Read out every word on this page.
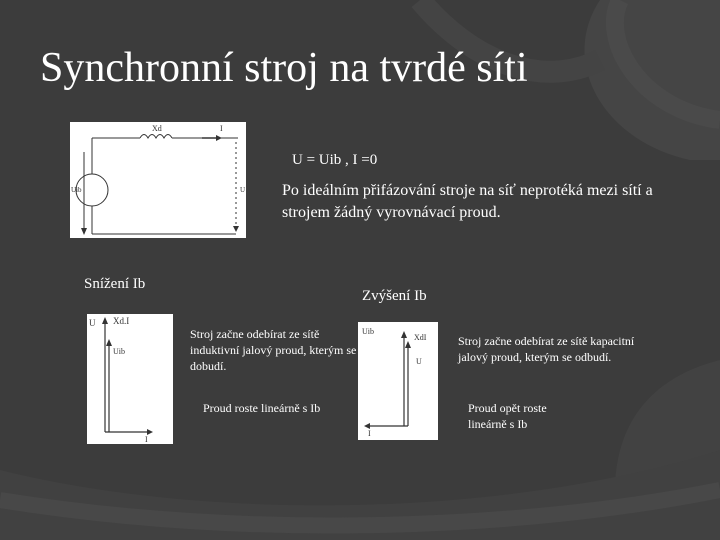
Synchronní stroj na tvrdé síti
Xd	I
Uib	U
U = Uib , I =0
Po ideálním přifázování stroje na síť neprotéká mezi sítí a strojem žádný vyrovnávací proud.
Snížení Ib
U Xd.I
Uib
I
Stroj začne odebírat ze sítě induktivní jalový proud, kterým se dobudí.
Proud roste lineárně s Ib
Zvýšení Ib
Uib
XdI
U
I
Stroj začne odebírat ze sítě kapacitní jalový proud, kterým se odbudí.
Proud opět roste lineárně s Ib
